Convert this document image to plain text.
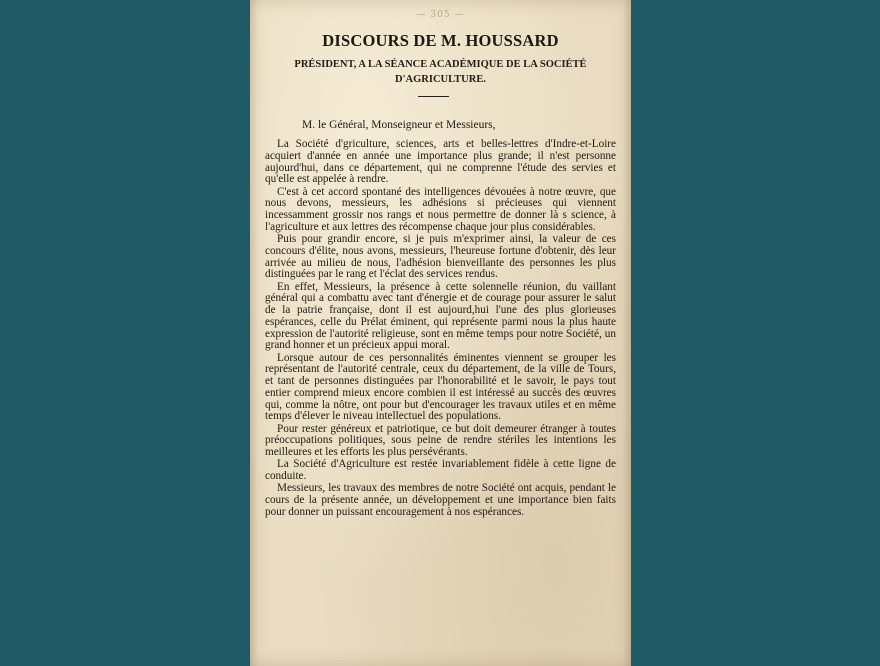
— 305 —
DISCOURS DE M. HOUSSARD
PRÉSIDENT, A LA SÉANCE ACADÉMIQUE DE LA SOCIÉTÉ
D'AGRICULTURE.
M. le Général, Monseigneur et Messieurs,

La Société d'griculture, sciences, arts et belles-lettres d'Indre-et-Loire acquiert d'année en année une importance plus grande; il n'est personne aujourd'hui, dans ce département, qui ne comprenne l'étude des servies et qu'elle est appelée à rendre.

C'est à cet accord spontané des intelligences dévouées à notre œuvre, que nous devons, messieurs, les adhésions si précieuses qui viennent incessamment grossir nos rangs et nous permettre de donner là s science, à l'agriculture et aux lettres des récompense chaque jour plus considérables.

Puis pour grandir encore, si je puis m'exprimer ainsi, la valeur de ces concours d'élite, nous avons, messieurs, l'heureuse fortune d'obtenir, dès leur arrivée au milieu de nous, l'adhésion bienveillante des personnes les plus distinguées par le rang et l'éclat des services rendus.

En effet, Messieurs, la présence à cette solennelle réunion, du vaillant général qui a combattu avec tant d'énergie et de courage pour assurer le salut de la patrie française, dont il est aujourd,hui l'une des plus glorieuses espérances, celle du Prélat éminent, qui représente parmi nous la plus haute expression de l'autorité religieuse, sont en même temps pour notre Société, un grand honner et un précieux appui moral.

Lorsque autour de ces personnalités éminentes viennent se grouper les représentant de l'autorité centrale, ceux du département, de la ville de Tours, et tant de personnes distinguées par l'honorabilité et le savoir, le pays tout entier comprend mieux encore combien il est intéressé au succès des œuvres qui, comme la nôtre, ont pour but d'encourager les travaux utiles et en même temps d'élever le niveau intellectuel des populations.

Pour rester généreux et patriotique, ce but doit demeurer étranger à toutes préoccupations politiques, sous peine de rendre stériles les intentions les meilleures et les efforts les plus persévérants.

La Société d'Agriculture est restée invariablement fidèle à cette ligne de conduite.

Messieurs, les travaux des membres de notre Société ont acquis, pendant le cours de la présente année, un développement et une importance bien faits pour donner un puissant encouragement à nos espérances.
